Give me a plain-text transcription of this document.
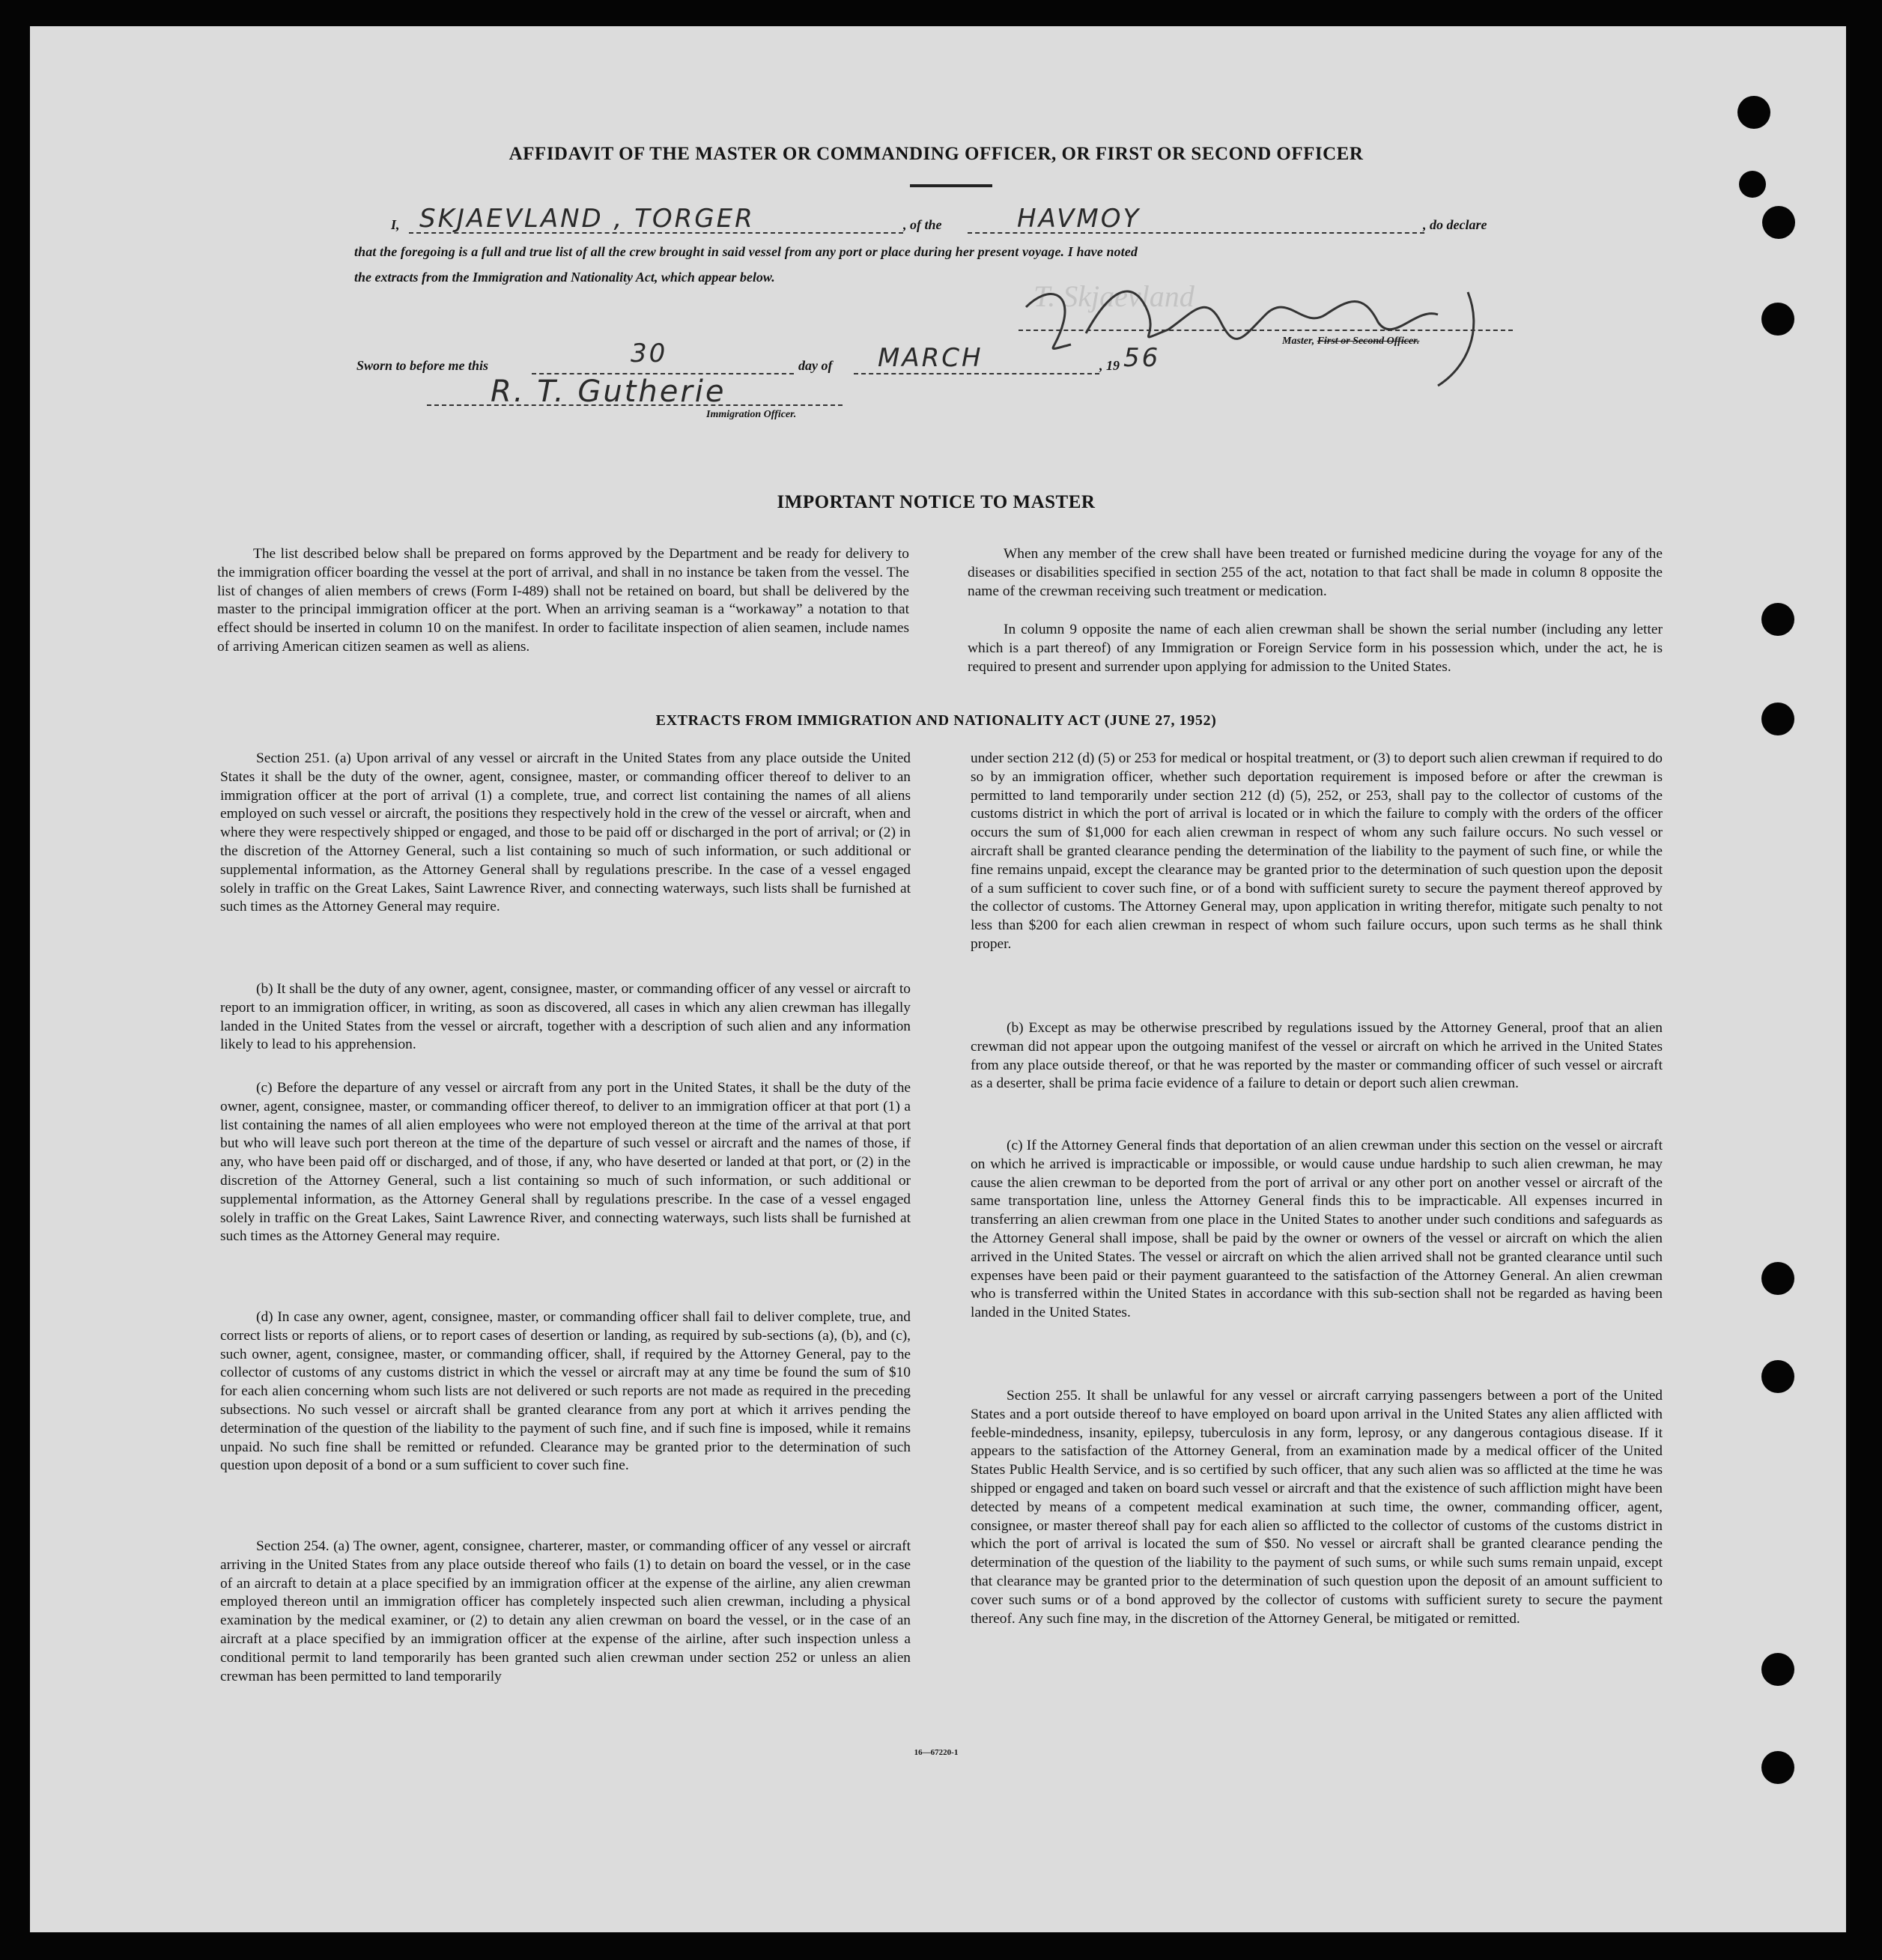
AFFIDAVIT OF THE MASTER OR COMMANDING OFFICER, OR FIRST OR SECOND OFFICER
I, SKJAEVLAND , TORGER	, of the	HAVMOY	, do declare
that the foregoing is a full and true list of all the crew brought in said vessel from any port or place during her present voyage. I have noted
the extracts from the Immigration and Nationality Act, which appear below.
T. Skjaevland
Master, First or Second Officer.
Sworn to before me this	30	day of MARCH	, 19 56
R. T. Gutherie
Immigration Officer.
IMPORTANT NOTICE TO MASTER

The list described below shall be prepared on forms approved by the Department and be ready for delivery to the immigration officer boarding the vessel at the port of arrival, and shall in no instance be taken from the vessel. The list of changes of alien members of crews (Form I-489) shall not be retained on board, but shall be delivered by the master to the principal immigration officer at the port. When an arriving seaman is a “workaway” a notation to that effect should be inserted in column 10 on the manifest. In order to facilitate inspection of alien seamen, include names of arriving American citizen seamen as well as aliens.

When any member of the crew shall have been treated or furnished medicine during the voyage for any of the diseases or disabilities specified in section 255 of the act, notation to that fact shall be made in column 8 opposite the name of the crewman receiving such treatment or medication.

In column 9 opposite the name of each alien crewman shall be shown the serial number (including any letter which is a part thereof) of any Immigration or Foreign Service form in his possession which, under the act, he is required to present and surrender upon applying for admission to the United States.

EXTRACTS FROM IMMIGRATION AND NATIONALITY ACT (JUNE 27, 1952)

Section 251. (a) Upon arrival of any vessel or aircraft in the United States from any place outside the United States it shall be the duty of the owner, agent, consignee, master, or commanding officer thereof to deliver to an immigration officer at the port of arrival (1) a complete, true, and correct list containing the names of all aliens employed on such vessel or aircraft, the positions they respectively hold in the crew of the vessel or aircraft, when and where they were respectively shipped or engaged, and those to be paid off or discharged in the port of arrival; or (2) in the discretion of the Attorney General, such a list containing so much of such information, or such additional or supplemental information, as the Attorney General shall by regulations prescribe. In the case of a vessel engaged solely in traffic on the Great Lakes, Saint Lawrence River, and connecting waterways, such lists shall be furnished at such times as the Attorney General may require.

(b) It shall be the duty of any owner, agent, consignee, master, or commanding officer of any vessel or aircraft to report to an immigration officer, in writing, as soon as discovered, all cases in which any alien crewman has illegally landed in the United States from the vessel or aircraft, together with a description of such alien and any information likely to lead to his apprehension.

(c) Before the departure of any vessel or aircraft from any port in the United States, it shall be the duty of the owner, agent, consignee, master, or commanding officer thereof, to deliver to an immigration officer at that port (1) a list containing the names of all alien employees who were not employed thereon at the time of the arrival at that port but who will leave such port thereon at the time of the departure of such vessel or aircraft and the names of those, if any, who have been paid off or discharged, and of those, if any, who have deserted or landed at that port, or (2) in the discretion of the Attorney General, such a list containing so much of such information, or such additional or supplemental information, as the Attorney General shall by regulations prescribe. In the case of a vessel engaged solely in traffic on the Great Lakes, Saint Lawrence River, and connecting waterways, such lists shall be furnished at such times as the Attorney General may require.

(d) In case any owner, agent, consignee, master, or commanding officer shall fail to deliver complete, true, and correct lists or reports of aliens, or to report cases of desertion or landing, as required by sub-sections (a), (b), and (c), such owner, agent, consignee, master, or commanding officer, shall, if required by the Attorney General, pay to the collector of customs of any customs district in which the vessel or aircraft may at any time be found the sum of $10 for each alien concerning whom such lists are not delivered or such reports are not made as required in the preceding subsections. No such vessel or aircraft shall be granted clearance from any port at which it arrives pending the determination of the question of the liability to the payment of such fine, and if such fine is imposed, while it remains unpaid. No such fine shall be remitted or refunded. Clearance may be granted prior to the determination of such question upon deposit of a bond or a sum sufficient to cover such fine.

Section 254. (a) The owner, agent, consignee, charterer, master, or commanding officer of any vessel or aircraft arriving in the United States from any place outside thereof who fails (1) to detain on board the vessel, or in the case of an aircraft to detain at a place specified by an immigration officer at the expense of the airline, any alien crewman employed thereon until an immigration officer has completely inspected such alien crewman, including a physical examination by the medical examiner, or (2) to detain any alien crewman on board the vessel, or in the case of an aircraft at a place specified by an immigration officer at the expense of the airline, after such inspection unless a conditional permit to land temporarily has been granted such alien crewman under section 252 or unless an alien crewman has been permitted to land temporarily

under section 212 (d) (5) or 253 for medical or hospital treatment, or (3) to deport such alien crewman if required to do so by an immigration officer, whether such deportation requirement is imposed before or after the crewman is permitted to land temporarily under section 212 (d) (5), 252, or 253, shall pay to the collector of customs of the customs district in which the port of arrival is located or in which the failure to comply with the orders of the officer occurs the sum of $1,000 for each alien crewman in respect of whom any such failure occurs. No such vessel or aircraft shall be granted clearance pending the determination of the liability to the payment of such fine, or while the fine remains unpaid, except the clearance may be granted prior to the determination of such question upon the deposit of a sum sufficient to cover such fine, or of a bond with sufficient surety to secure the payment thereof approved by the collector of customs. The Attorney General may, upon application in writing therefor, mitigate such penalty to not less than $200 for each alien crewman in respect of whom such failure occurs, upon such terms as he shall think proper.

(b) Except as may be otherwise prescribed by regulations issued by the Attorney General, proof that an alien crewman did not appear upon the outgoing manifest of the vessel or aircraft on which he arrived in the United States from any place outside thereof, or that he was reported by the master or commanding officer of such vessel or aircraft as a deserter, shall be prima facie evidence of a failure to detain or deport such alien crewman.

(c) If the Attorney General finds that deportation of an alien crewman under this section on the vessel or aircraft on which he arrived is impracticable or impossible, or would cause undue hardship to such alien crewman, he may cause the alien crewman to be deported from the port of arrival or any other port on another vessel or aircraft of the same transportation line, unless the Attorney General finds this to be impracticable. All expenses incurred in transferring an alien crewman from one place in the United States to another under such conditions and safeguards as the Attorney General shall impose, shall be paid by the owner or owners of the vessel or aircraft on which the alien arrived in the United States. The vessel or aircraft on which the alien arrived shall not be granted clearance until such expenses have been paid or their payment guaranteed to the satisfaction of the Attorney General. An alien crewman who is transferred within the United States in accordance with this sub-section shall not be regarded as having been landed in the United States.

Section 255. It shall be unlawful for any vessel or aircraft carrying passengers between a port of the United States and a port outside thereof to have employed on board upon arrival in the United States any alien afflicted with feeble-mindedness, insanity, epilepsy, tuberculosis in any form, leprosy, or any dangerous contagious disease. If it appears to the satisfaction of the Attorney General, from an examination made by a medical officer of the United States Public Health Service, and is so certified by such officer, that any such alien was so afflicted at the time he was shipped or engaged and taken on board such vessel or aircraft and that the existence of such affliction might have been detected by means of a competent medical examination at such time, the owner, commanding officer, agent, consignee, or master thereof shall pay for each alien so afflicted to the collector of customs of the customs district in which the port of arrival is located the sum of $50. No vessel or aircraft shall be granted clearance pending the determination of the question of the liability to the payment of such sums, or while such sums remain unpaid, except that clearance may be granted prior to the determination of such question upon the deposit of an amount sufficient to cover such sums or of a bond approved by the collector of customs with sufficient surety to secure the payment thereof. Any such fine may, in the discretion of the Attorney General, be mitigated or remitted.

16—67220-1
